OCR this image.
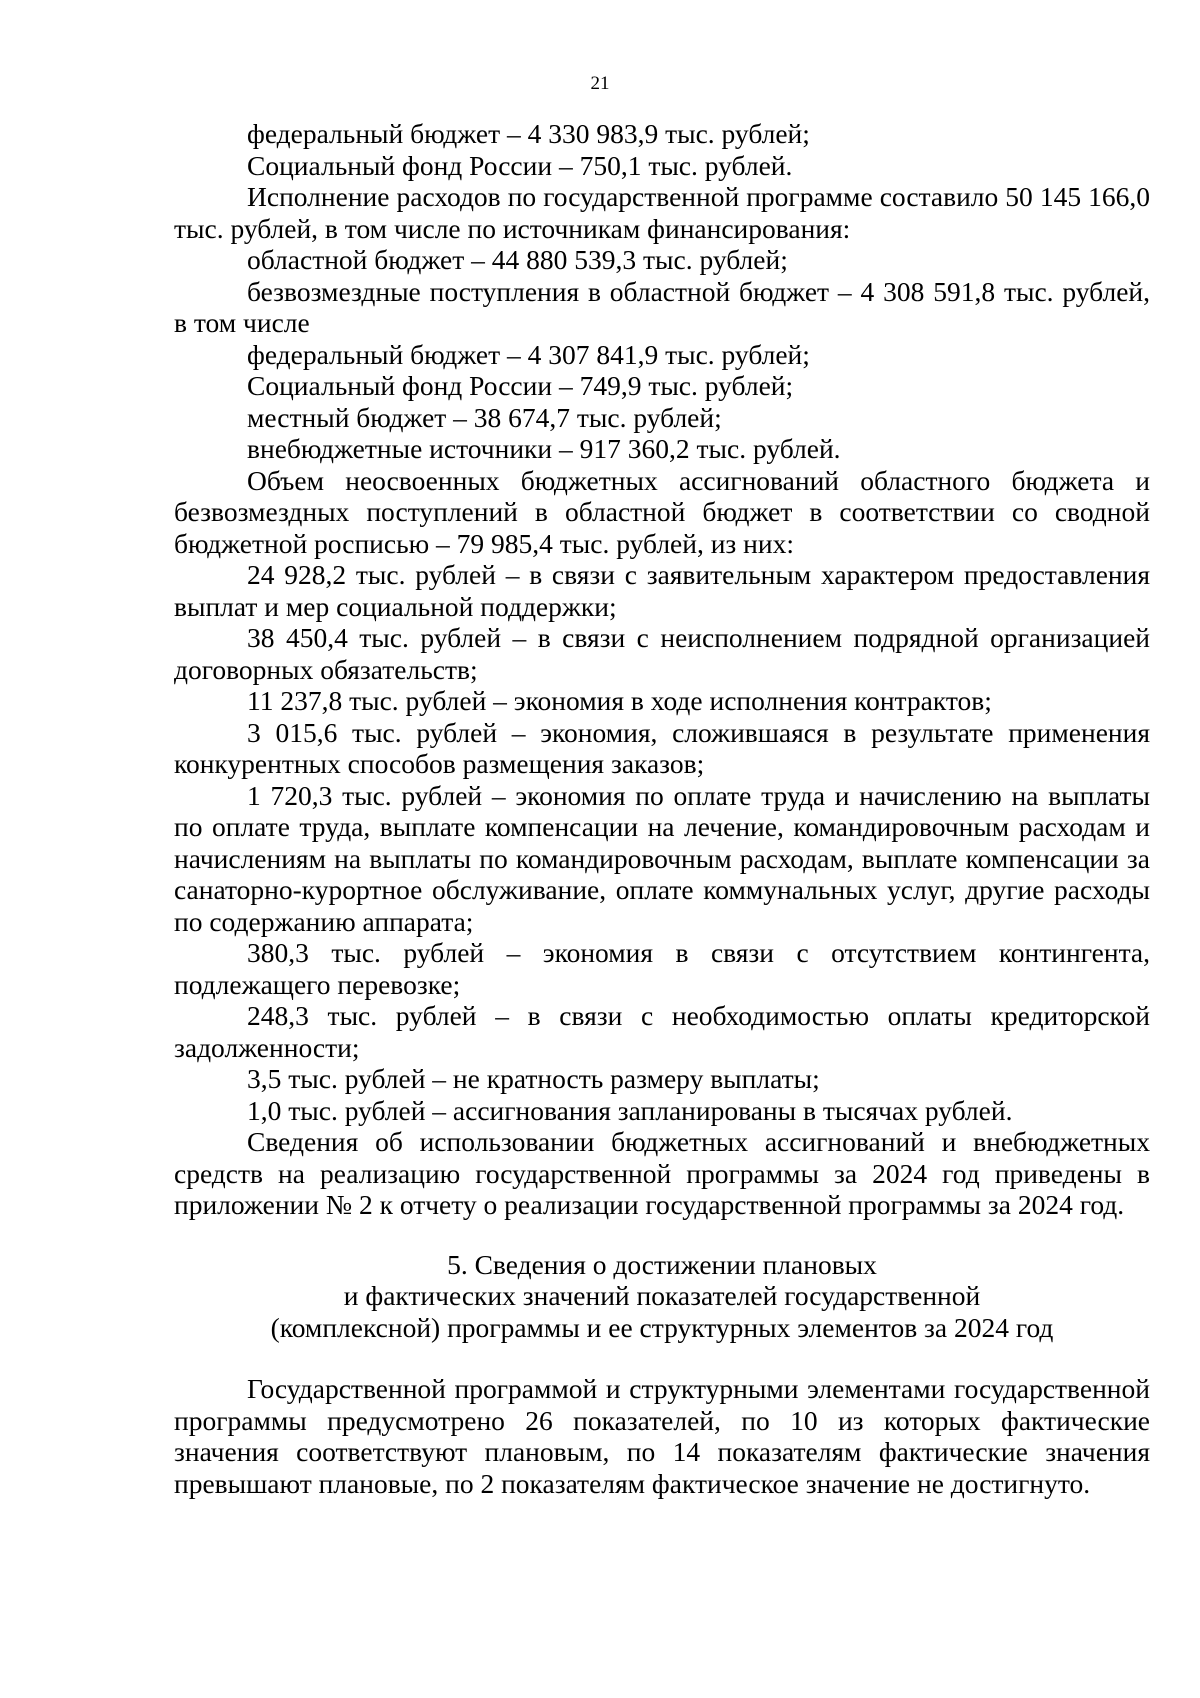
21

федеральный бюджет – 4 330 983,9 тыс. рублей;

Социальный фонд России – 750,1 тыс. рублей.

Исполнение расходов по государственной программе составило 50 145 166,0 тыс. рублей, в том числе по источникам финансирования:

областной бюджет – 44 880 539,3 тыс. рублей;

безвозмездные поступления в областной бюджет – 4 308 591,8 тыс. рублей, в том числе

федеральный бюджет – 4 307 841,9 тыс. рублей;

Социальный фонд России – 749,9 тыс. рублей;

местный бюджет – 38 674,7 тыс. рублей;

внебюджетные источники – 917 360,2 тыс. рублей.

Объем неосвоенных бюджетных ассигнований областного бюджета и безвозмездных поступлений в областной бюджет в соответствии со сводной бюджетной росписью – 79 985,4 тыс. рублей, из них:

24 928,2 тыс. рублей – в связи с заявительным характером предоставления выплат и мер социальной поддержки;

38 450,4 тыс. рублей – в связи с неисполнением подрядной организацией договорных обязательств;

11 237,8 тыс. рублей – экономия в ходе исполнения контрактов;

3 015,6 тыс. рублей – экономия, сложившаяся в результате применения конкурентных способов размещения заказов;

1 720,3 тыс. рублей – экономия по оплате труда и начислению на выплаты по оплате труда, выплате компенсации на лечение, командировочным расходам и начислениям на выплаты по командировочным расходам, выплате компенсации за санаторно-курортное обслуживание, оплате коммунальных услуг, другие расходы по содержанию аппарата;

380,3 тыс. рублей – экономия в связи с отсутствием контингента, подлежащего перевозке;

248,3 тыс. рублей – в связи с необходимостью оплаты кредиторской задолженности;

3,5 тыс. рублей – не кратность размеру выплаты;

1,0 тыс. рублей – ассигнования запланированы в тысячах рублей.

Сведения об использовании бюджетных ассигнований и внебюджетных средств на реализацию государственной программы за 2024 год приведены в приложении № 2 к отчету о реализации государственной программы за 2024 год.

5. Сведения о достижении плановых
и фактических значений показателей государственной
(комплексной) программы и ее структурных элементов за 2024 год

Государственной программой и структурными элементами государственной программы предусмотрено 26 показателей, по 10 из которых фактические значения соответствуют плановым, по 14 показателям фактические значения превышают плановые, по 2 показателям фактическое значение не достигнуто.
